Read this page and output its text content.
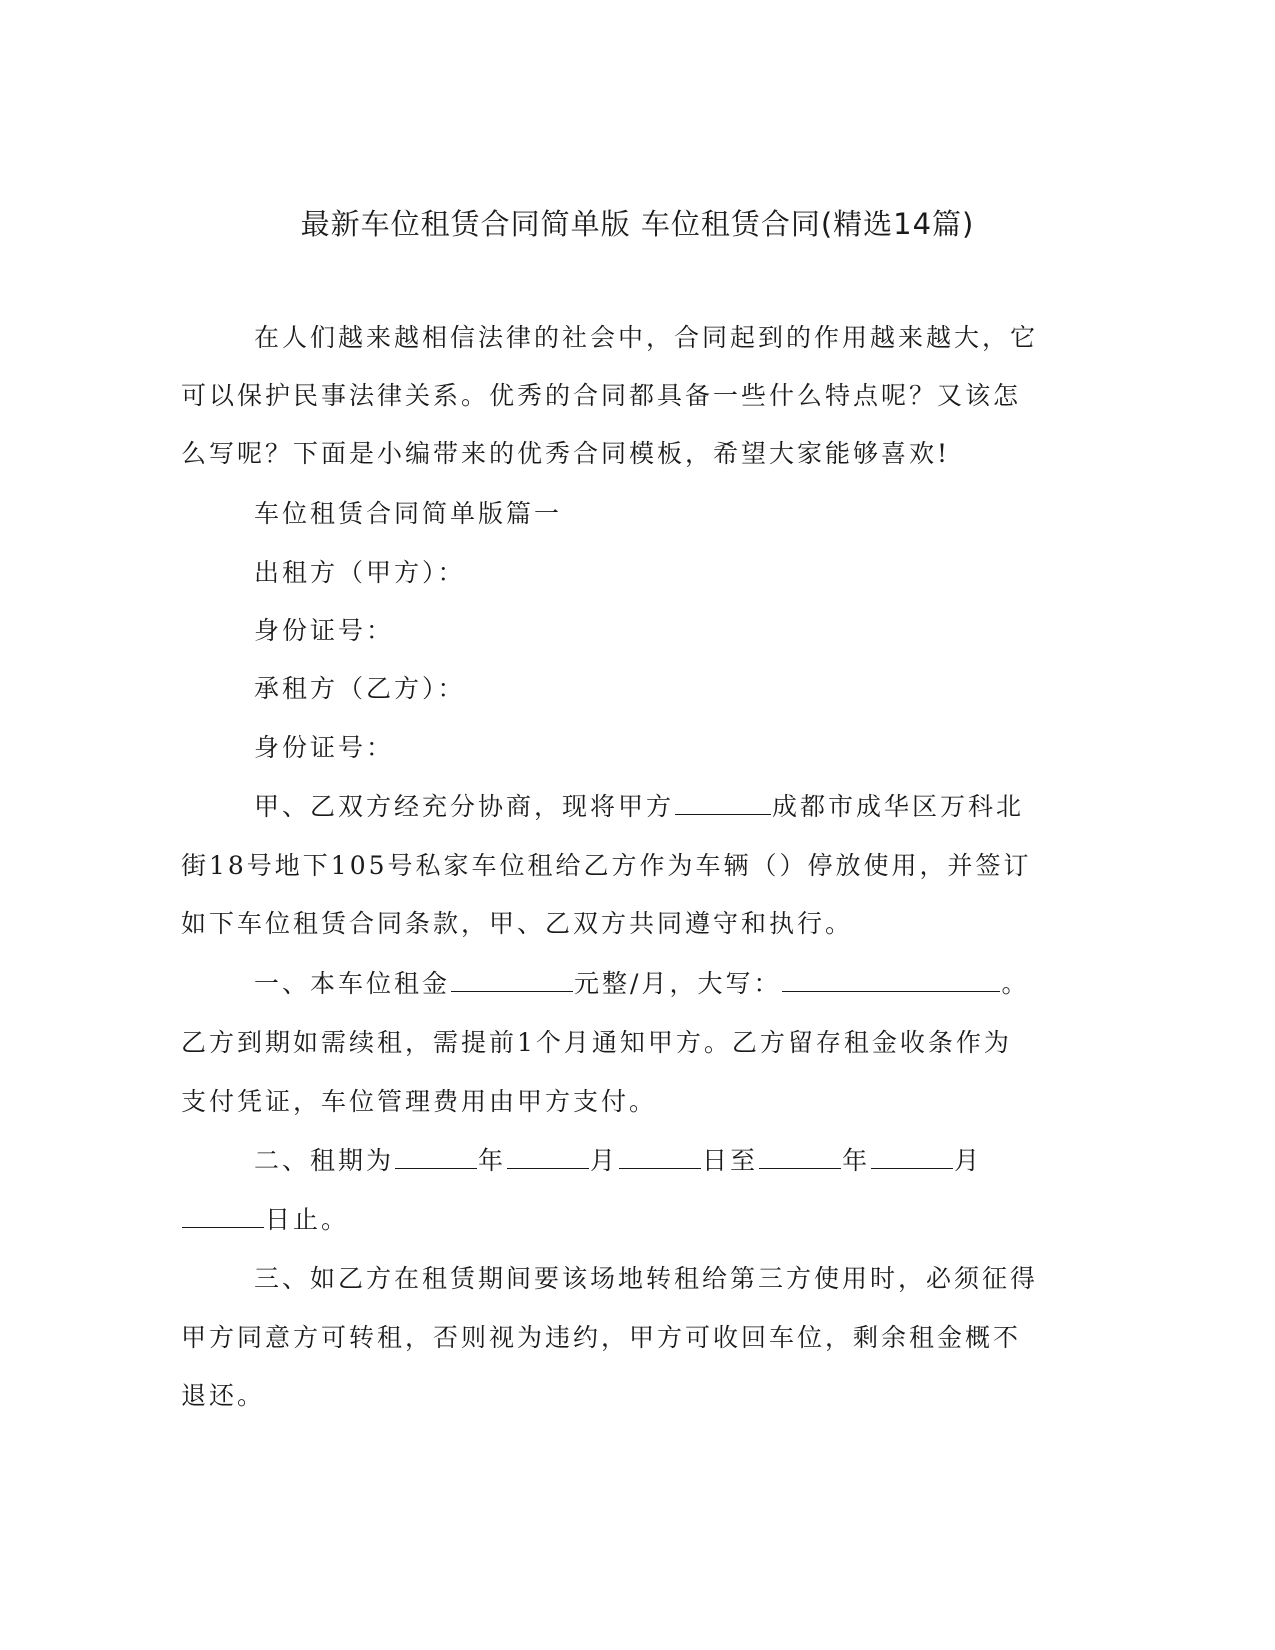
最新车位租赁合同简单版 车位租赁合同(精选14篇)
在人们越来越相信法律的社会中，合同起到的作用越来越大，它
可以保护民事法律关系。优秀的合同都具备一些什么特点呢？又该怎
么写呢？下面是小编带来的优秀合同模板，希望大家能够喜欢!
车位租赁合同简单版篇一
出租方（甲方）：
身份证号：
承租方（乙方）：
身份证号：
甲、乙双方经充分协商，现将甲方	成都市成华区万科北
街18号地下105号私家车位租给乙方作为车辆（）停放使用，并签订
如下车位租赁合同条款，甲、乙双方共同遵守和执行。
一、本车位租金	元整/月，大写：	。
乙方到期如需续租，需提前1个月通知甲方。乙方留存租金收条作为
支付凭证，车位管理费用由甲方支付。
二、租期为	年	月	日至	年	月
日止。
三、如乙方在租赁期间要该场地转租给第三方使用时，必须征得
甲方同意方可转租，否则视为违约，甲方可收回车位，剩余租金概不
退还。
